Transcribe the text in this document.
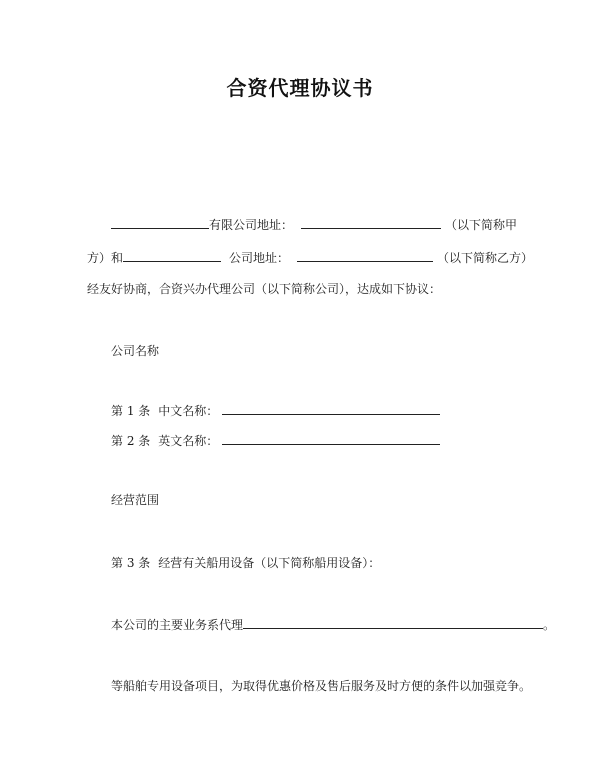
合资代理协议书
有限公司地址：	（以下简称甲
方）和	公司地址：	（以下简称乙方）
经友好协商，合资兴办代理公司（以下简称公司），达成如下协议：
公司名称
第 1 条 中文名称：
第 2 条 英文名称：
经营范围
第 3 条 经营有关船用设备（以下简称船用设备）：
本公司的主要业务系代理	。
等船舶专用设备项目，为取得优惠价格及售后服务及时方便的条件以加强竞争。
